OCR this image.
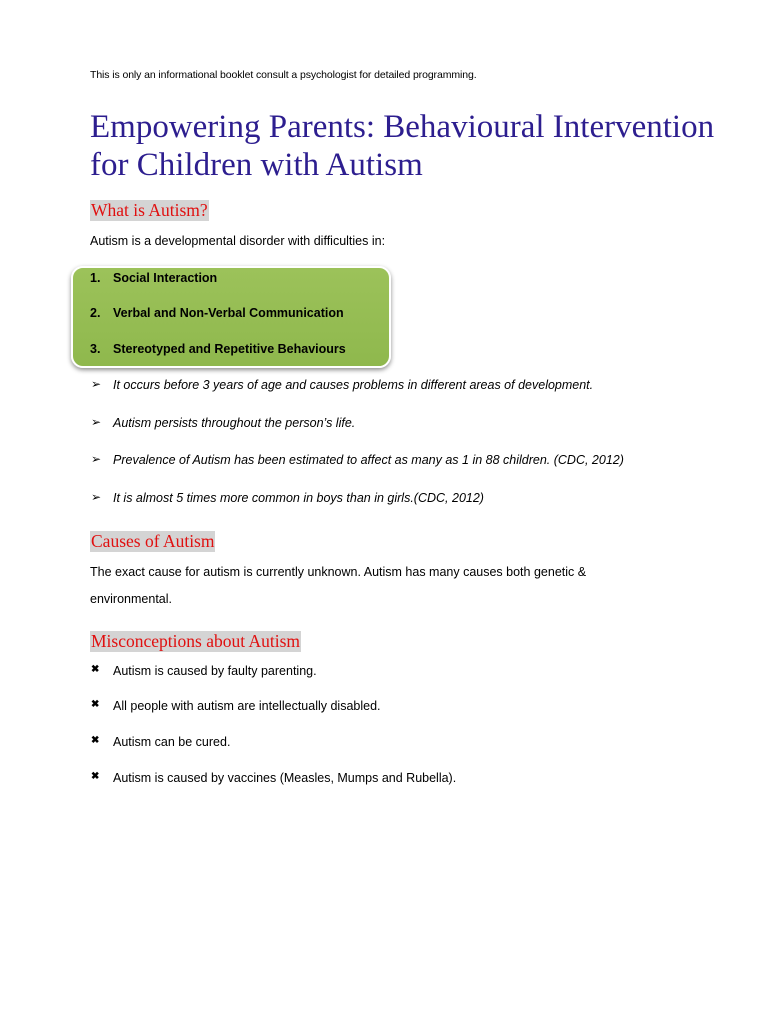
This is only an informational booklet consult a psychologist for detailed programming.
Empowering Parents: Behavioural Intervention for Children with Autism
What is Autism?
Autism is a developmental disorder with difficulties in:
1. Social Interaction
2. Verbal and Non-Verbal Communication
3. Stereotyped and Repetitive Behaviours
➢ It occurs before 3 years of age and causes problems in different areas of development.
➢ Autism persists throughout the person’s life.
➢ Prevalence of Autism has been estimated to affect as many as 1 in 88 children. (CDC, 2012)
➢ It is almost 5 times more common in boys than in girls.(CDC, 2012)
Causes of Autism
The exact cause for autism is currently unknown. Autism has many causes both genetic & environmental.
Misconceptions about Autism
✖ Autism is caused by faulty parenting.
✖ All people with autism are intellectually disabled.
✖ Autism can be cured.
✖ Autism is caused by vaccines (Measles, Mumps and Rubella).
